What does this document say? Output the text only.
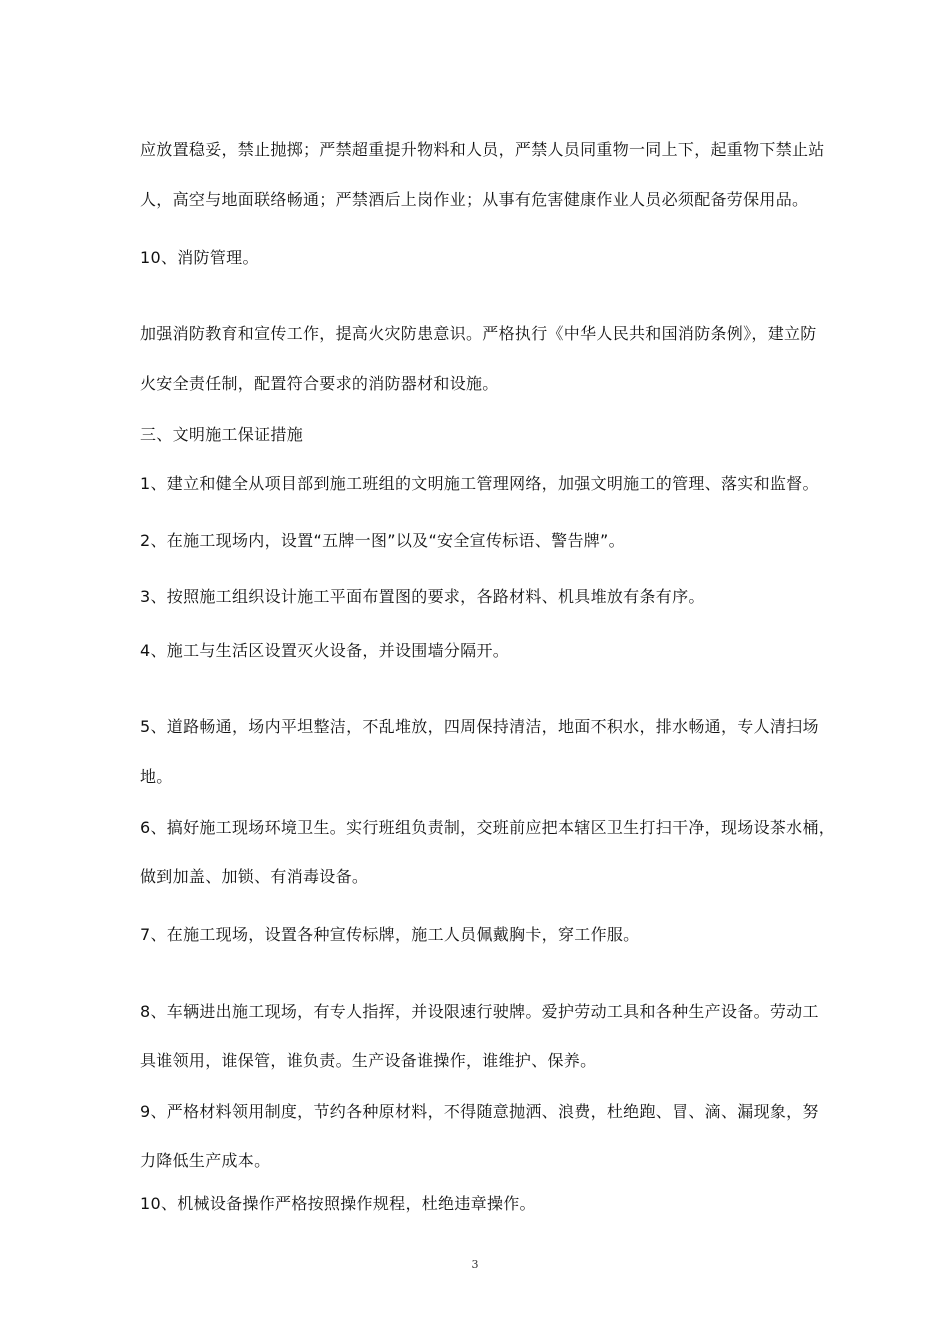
应放置稳妥，禁止抛掷；严禁超重提升物料和人员，严禁人员同重物一同上下，起重物下禁止站
人，高空与地面联络畅通；严禁酒后上岗作业；从事有危害健康作业人员必须配备劳保用品。
10、消防管理。
加强消防教育和宣传工作，提高火灾防患意识。严格执行《中华人民共和国消防条例》，建立防
火安全责任制，配置符合要求的消防器材和设施。
三、文明施工保证措施
1、建立和健全从项目部到施工班组的文明施工管理网络，加强文明施工的管理、落实和监督。
2、在施工现场内，设置“五牌一图”以及“安全宣传标语、警告牌”。
3、按照施工组织设计施工平面布置图的要求，各路材料、机具堆放有条有序。
4、施工与生活区设置灭火设备，并设围墙分隔开。
5、道路畅通，场内平坦整洁，不乱堆放，四周保持清洁，地面不积水，排水畅通，专人清扫场
地。
6、搞好施工现场环境卫生。实行班组负责制，交班前应把本辖区卫生打扫干净，现场设茶水桶，
做到加盖、加锁、有消毒设备。
7、在施工现场，设置各种宣传标牌，施工人员佩戴胸卡，穿工作服。
8、车辆进出施工现场，有专人指挥，并设限速行驶牌。爱护劳动工具和各种生产设备。劳动工
具谁领用，谁保管，谁负责。生产设备谁操作，谁维护、保养。
9、严格材料领用制度，节约各种原材料，不得随意抛洒、浪费，杜绝跑、冒、滴、漏现象，努
力降低生产成本。
10、机械设备操作严格按照操作规程，杜绝违章操作。
3
